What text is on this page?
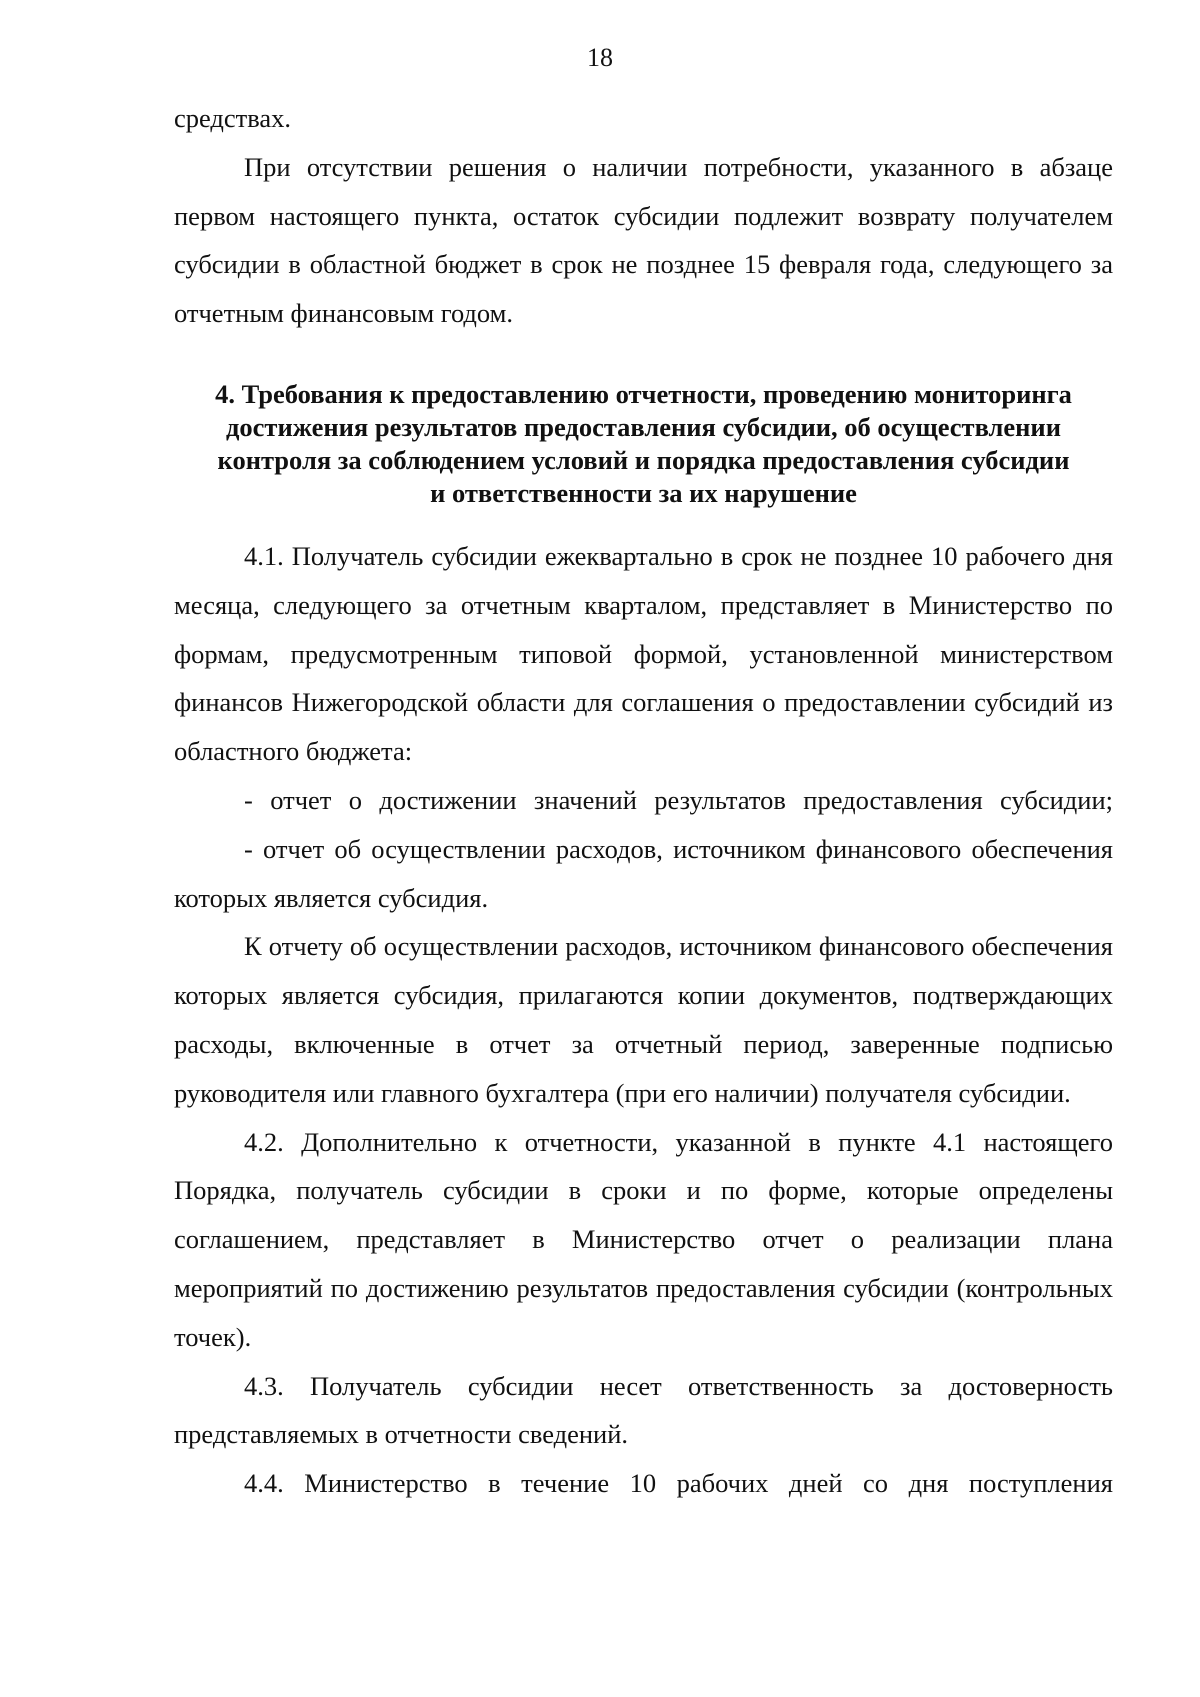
18

средствах.

При отсутствии решения о наличии потребности, указанного в абзаце первом настоящего пункта, остаток субсидии подлежит возврату получателем субсидии в областной бюджет в срок не позднее 15 февраля года, следующего за отчетным финансовым годом.

4. Требования к предоставлению отчетности, проведению мониторинга
достижения результатов предоставления субсидии, об осуществлении
контроля за соблюдением условий и порядка предоставления субсидии
и ответственности за их нарушение

4.1. Получатель субсидии ежеквартально в срок не позднее 10 рабочего дня месяца, следующего за отчетным кварталом, представляет в Министерство по формам, предусмотренным типовой формой, установленной министерством финансов Нижегородской области для соглашения о предоставлении субсидий из областного бюджета:

- отчет о достижении значений результатов предоставления субсидии;

- отчет об осуществлении расходов, источником финансового обеспечения которых является субсидия.

К отчету об осуществлении расходов, источником финансового обеспечения которых является субсидия, прилагаются копии документов, подтверждающих расходы, включенные в отчет за отчетный период, заверенные подписью руководителя или главного бухгалтера (при его наличии) получателя субсидии.

4.2. Дополнительно к отчетности, указанной в пункте 4.1 настоящего Порядка, получатель субсидии в сроки и по форме, которые определены соглашением, представляет в Министерство отчет о реализации плана мероприятий по достижению результатов предоставления субсидии (контрольных точек).

4.3. Получатель субсидии несет ответственность за достоверность представляемых в отчетности сведений.

4.4. Министерство в течение 10 рабочих дней со дня поступления
